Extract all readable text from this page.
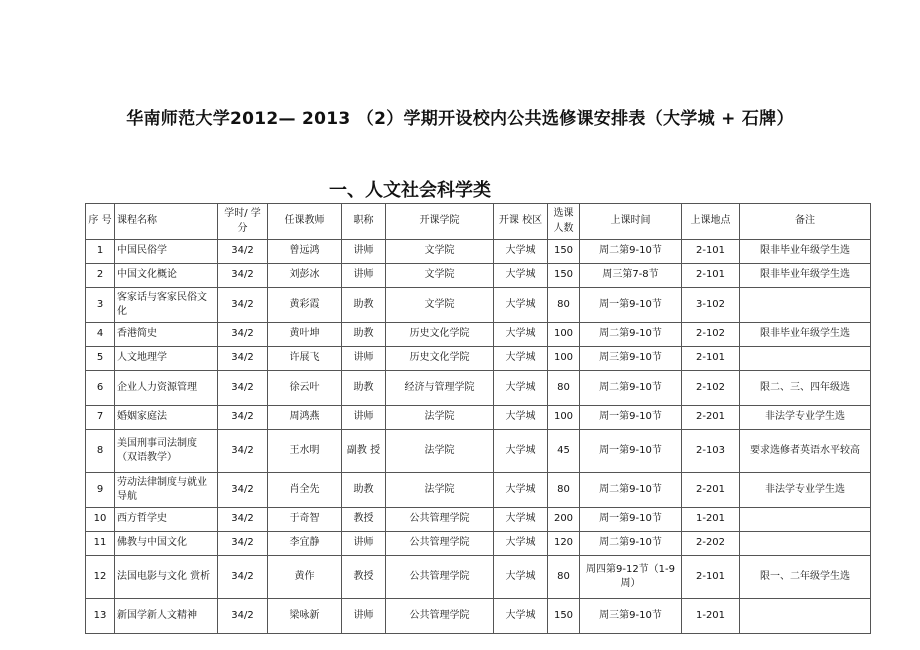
华南师范大学2012— 2013 （2）学期开设校内公共选修课安排表（大学城 + 石牌）
一、人文社会科学类
序 号	课程名称	学时/ 学分	任课教师	职称	开课学院	开课 校区	选课 人数	上课时间	上课地点	备注
1	中国民俗学	34/2	曾远鸿	讲师	文学院	大学城	150	周二第9-10节	2-101	限非毕业年级学生选
2	中国文化概论	34/2	刘彭冰	讲师	文学院	大学城	150	周三第7-8节	2-101	限非毕业年级学生选
3	客家话与客家民俗文化	34/2	黄彩霞	助教	文学院	大学城	80	周一第9-10节	3-102	
4	香港简史	34/2	黄叶坤	助教	历史文化学院	大学城	100	周二第9-10节	2-102	限非毕业年级学生选
5	人文地理学	34/2	许展飞	讲师	历史文化学院	大学城	100	周三第9-10节	2-101	
6	企业人力资源管理	34/2	徐云叶	助教	经济与管理学院	大学城	80	周二第9-10节	2-102	限二、三、四年级选
7	婚姻家庭法	34/2	周鸿燕	讲师	法学院	大学城	100	周一第9-10节	2-201	非法学专业学生选
8	美国刑事司法制度（双语教学）	34/2	王水明	副教 授	法学院	大学城	45	周一第9-10节	2-103	要求选修者英语水平较高
9	劳动法律制度与就业导航	34/2	肖全先	助教	法学院	大学城	80	周二第9-10节	2-201	非法学专业学生选
10	西方哲学史	34/2	于奇智	教授	公共管理学院	大学城	200	周一第9-10节	1-201	
11	佛教与中国文化	34/2	李宜静	讲师	公共管理学院	大学城	120	周二第9-10节	2-202	
12	法国电影与文化 赏析	34/2	黄作	教授	公共管理学院	大学城	80	周四第9-12节（1-9 周）	2-101	限一、二年级学生选
13	新国学新人文精神	34/2	梁咏新	讲师	公共管理学院	大学城	150	周三第9-10节	1-201	
